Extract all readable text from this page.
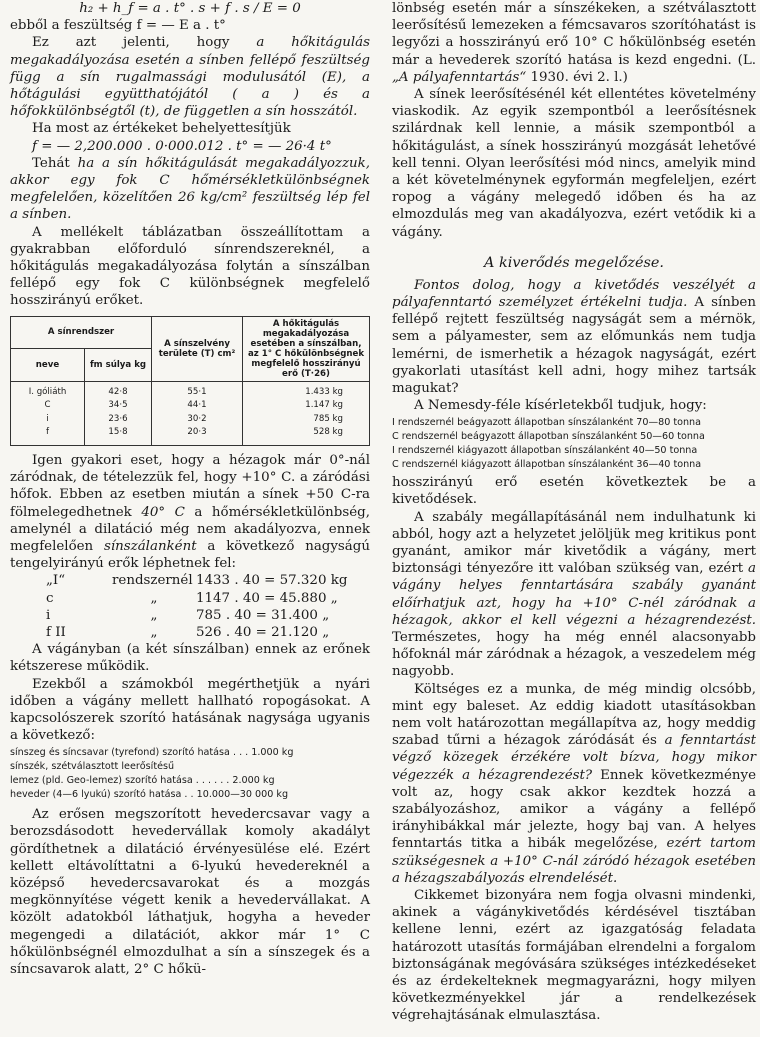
h₂ + h_f = a . t° . s + f . s / E = 0

ebből a feszültség f = — E a . t°

Ez azt jelenti, hogy a hőkitágulás megakadályozása esetén a sínben fellépő feszültség függ a sín rugalmassági modulusától (E), a hőtágulási együtthatójától ( a ) és a hőfokkülönbségtől (t), de független a sín hosszától.

Ha most az értékeket behelyettesítjük

f = — 2,200.000 . 0·000.012 . t° = — 26·4 t°

Tehát ha a sín hőkitágulását megakadályozzuk, akkor egy fok C hőmérsékletkülönbségnek megfelelően, közelítően 26 kg/cm² feszültség lép fel a sínben.

A mellékelt táblázatban összeállítottam a gyakrabban előforduló sínrendszereknél, a hőkitágulás megakadályozása folytán a sínszálban fellépő egy fok C különbségnek megfelelő hosszirányú erőket.

A sínrendszer		A sínszelvény területe (T) cm²	A hőkitágulás megakadályozása esetében a sínszálban, az 1° C hőkülönbségnek megfelelő hosszirányú erő (T·26)
neve	fm súlya kg		
I. góliáth	42·8	55·1	1.433 kg
C	34·5	44·1	1.147 kg
i	23·6	30·2	785 kg
f	15·8	20·3	528 kg

Igen gyakori eset, hogy a hézagok már 0°-nál záródnak, de tételezzük fel, hogy +10° C. a záródási hőfok. Ebben az esetben miután a sínek +50 C-ra fölmelegedhetnek 40° C a hőmérsékletkülönbség, amelynél a dilatáció még nem akadályozva, ennek megfelelően sínszálanként a következő nagyságú tengelyirányú erők léphetnek fel:

„I“	rendszernél 1433 . 40 = 57.320 kg
c	„	1147 . 40 = 45.880 „
i	„	785 . 40 = 31.400 „
f II	„	526 . 40 = 21.120 „

A vágányban (a két sínszálban) ennek az erőnek kétszerese működik.

Ezekből a számokból megérthetjük a nyári időben a vágány mellett hallható ropogásokat. A kapcsolószerek szorító hatásának nagysága ugyanis a következő:

sínszeg és síncsavar (tyrefond) szorító hatása . . . 1.000 kg
sínszék, szétválasztott leerősítésű
lemez (pld. Geo-lemez) szorító hatása . . . . . . 2.000 kg
heveder (4—6 lyukú) szorító hatása . . 10.000—30 000 kg

Az erősen megszorított hevedercsavar vagy a berozsdásodott hevedervállak komoly akadályt gördíthetnek a dilatáció érvényesülése elé. Ezért kellett eltávolíttatni a 6-lyukú hevedereknél a középső hevedercsavarokat és a mozgás megkönnyítése végett kenik a hevedervállakat. A közölt adatokból láthatjuk, hogyha a heveder megengedi a dilatációt, akkor már 1° C hőkülönbségnél elmozdulhat a sín a sínszegek és a síncsavarok alatt, 2° C hőkü-

lönbség esetén már a sínszékeken, a szétválasztott leerősítésű lemezeken a fémcsavaros szorítóhatást is legyőzi a hosszirányú erő 10° C hőkülönbség esetén már a hevederek szorító hatása is kezd engedni. (L. „A pályafenntartás“ 1930. évi 2. l.)

A sínek leerősítésénél két ellentétes követelmény viaskodik. Az egyik szempontból a leerősítésnek szilárdnak kell lennie, a másik szempontból a hőkitágulást, a sínek hosszirányú mozgását lehetővé kell tenni. Olyan leerősítési mód nincs, amelyik mind a két követelménynek egyformán megfeleljen, ezért ropog a vágány melegedő időben és ha az elmozdulás meg van akadályozva, ezért vetődik ki a vágány.

A kiverődés megelőzése.

Fontos dolog, hogy a kivetődés veszélyét a pályafenntartó személyzet értékelni tudja. A sínben fellépő rejtett feszültség nagyságát sem a mérnök, sem a pályamester, sem az előmunkás nem tudja lemérni, de ismerhetik a hézagok nagyságát, ezért gyakorlati utasítást kell adni, hogy mihez tartsák magukat?

A Nemesdy-féle kísérletekből tudjuk, hogy:

I rendszernél beágyazott állapotban sínszálanként 70—80 tonna
C rendszernél beágyazott állapotban sínszálanként 50—60 tonna
I rendszernél kiágyazott állapotban sínszálanként 40—50 tonna
C rendszernél kiágyazott állapotban sínszálanként 36—40 tonna

hosszirányú erő esetén következtek be a kivetődések.

A szabály megállapításánál nem indulhatunk ki abból, hogy azt a helyzetet jelöljük meg kritikus pont gyanánt, amikor már kivetődik a vágány, mert biztonsági tényezőre itt valóban szükség van, ezért a vágány helyes fenntartására szabály gyanánt előírhatjuk azt, hogy ha +10° C-nél záródnak a hézagok, akkor el kell végezni a hézagrendezést. Természetes, hogy ha még ennél alacsonyabb hőfoknál már záródnak a hézagok, a veszedelem még nagyobb.

Költséges ez a munka, de még mindig olcsóbb, mint egy baleset. Az eddig kiadott utasításokban nem volt határozottan megállapítva az, hogy meddig szabad tűrni a hézagok záródását és a fenntartást végző közegek érzékére volt bízva, hogy mikor végezzék a hézagrendezést? Ennek következménye volt az, hogy csak akkor kezdtek hozzá a szabályozáshoz, amikor a vágány a fellépő irányhibákkal már jelezte, hogy baj van. A helyes fenntartás titka a hibák megelőzése, ezért tartom szükségesnek a +10° C-nál záródó hézagok esetében a hézagszabályozás elrendelését.

Cikkemet bizonyára nem fogja olvasni mindenki, akinek a vágánykivetődés kérdésével tisztában kellene lenni, ezért az igazgatóság feladata határozott utasítás formájában elrendelni a forgalom biztonságának megóvására szükséges intézkedéseket és az érdekelteknek megmagyarázni, hogy milyen következményekkel jár a rendelkezések végrehajtásának elmulasztása.
